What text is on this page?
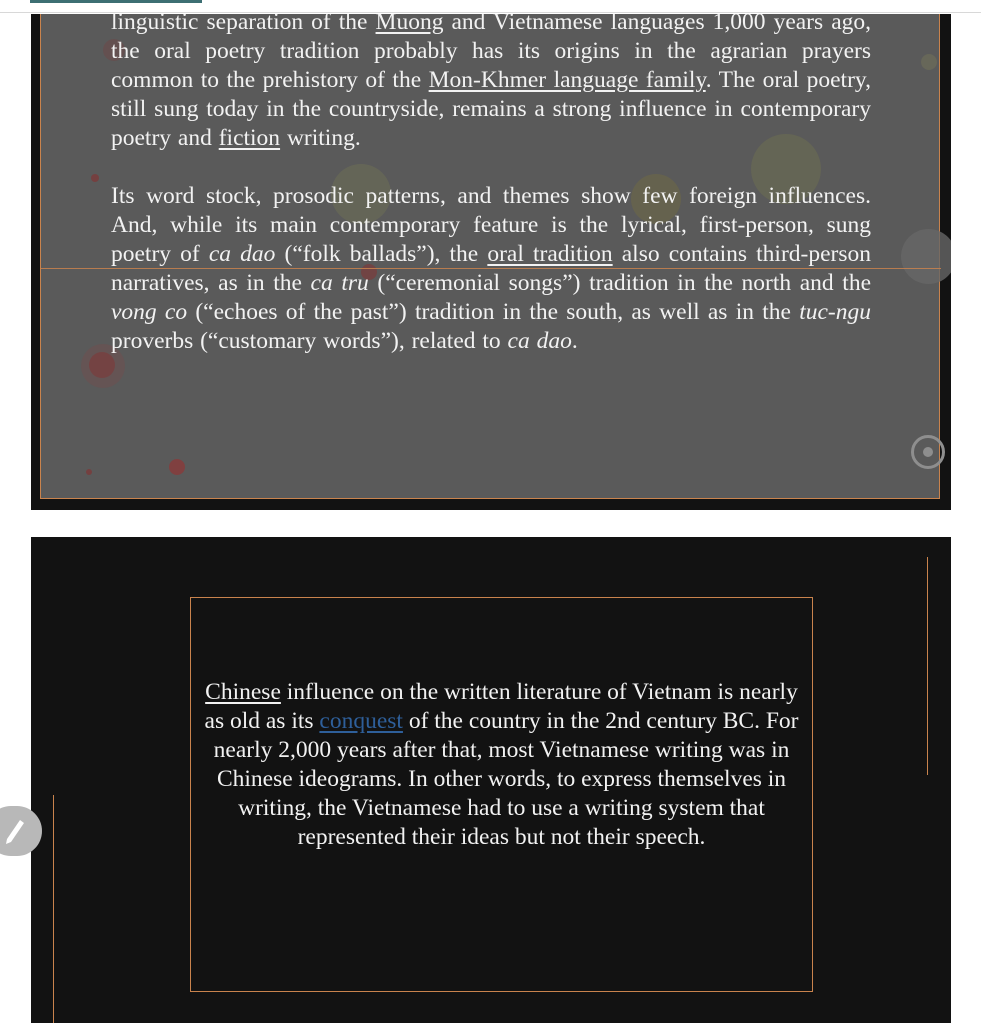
linguistic separation of the Muong and Vietnamese languages 1,000 years ago, the oral poetry tradition probably has its origins in the agrarian prayers common to the prehistory of the Mon-Khmer language family. The oral poetry, still sung today in the countryside, remains a strong influence in contemporary poetry and fiction writing.

Its word stock, prosodic patterns, and themes show few foreign influences. And, while its main contemporary feature is the lyrical, first-person, sung poetry of ca dao (“folk ballads”), the oral tradition also contains third-person narratives, as in the ca tru (“ceremonial songs”) tradition in the north and the vong co (“echoes of the past”) tradition in the south, as well as in the tuc-ngu proverbs (“customary words”), related to ca dao.

Chinese influence on the written literature of Vietnam is nearly as old as its conquest of the country in the 2nd century BC. For nearly 2,000 years after that, most Vietnamese writing was in Chinese ideograms. In other words, to express themselves in writing, the Vietnamese had to use a writing system that represented their ideas but not their speech.
